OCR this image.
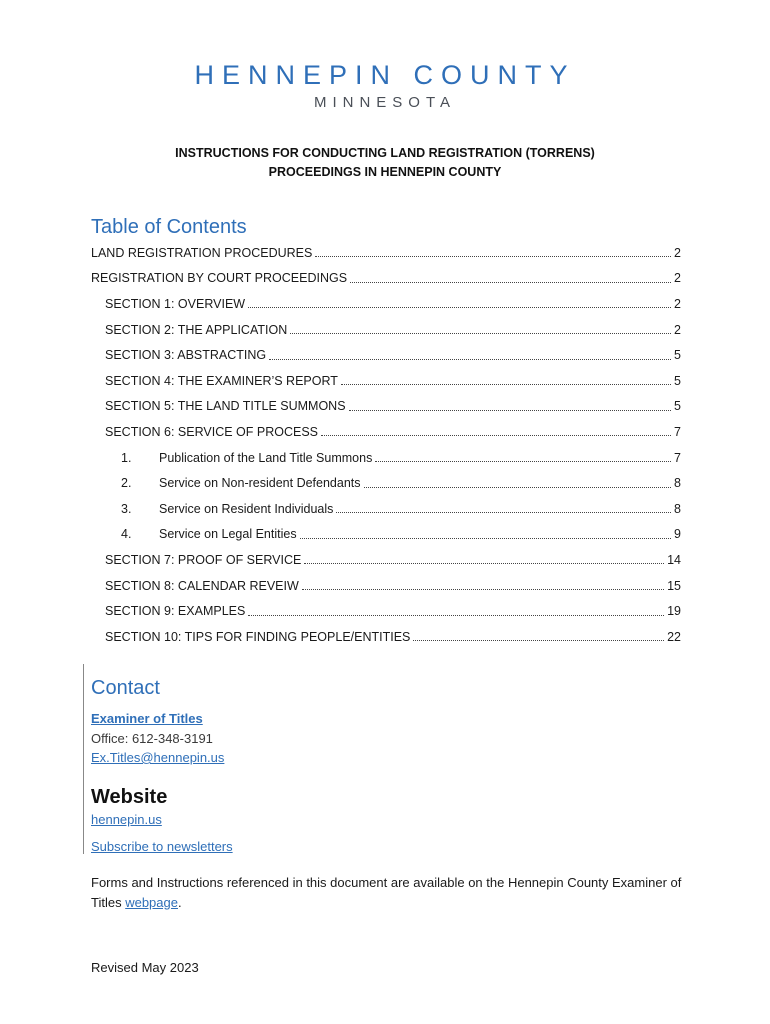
HENNEPIN COUNTY
MINNESOTA
INSTRUCTIONS FOR CONDUCTING LAND REGISTRATION (TORRENS)
PROCEEDINGS IN HENNEPIN COUNTY
Table of Contents
LAND REGISTRATION PROCEDURES	2
REGISTRATION BY COURT PROCEEDINGS	2
SECTION 1: OVERVIEW	2
SECTION 2: THE APPLICATION	2
SECTION 3: ABSTRACTING	5
SECTION 4: THE EXAMINER’S REPORT	5
SECTION 5: THE LAND TITLE SUMMONS	5
SECTION 6: SERVICE OF PROCESS	7
1.	Publication of the Land Title Summons	7
2.	Service on Non-resident Defendants	8
3.	Service on Resident Individuals	8
4.	Service on Legal Entities	9
SECTION 7: PROOF OF SERVICE	14
SECTION 8: CALENDAR REVEIW	15
SECTION 9: EXAMPLES	19
SECTION 10: TIPS FOR FINDING PEOPLE/ENTITIES	22
Contact
Examiner of Titles
Office: 612-348-3191
Ex.Titles@hennepin.us
Website
hennepin.us
Subscribe to newsletters
Forms and Instructions referenced in this document are available on the Hennepin County Examiner of Titles webpage.
Revised May 2023
